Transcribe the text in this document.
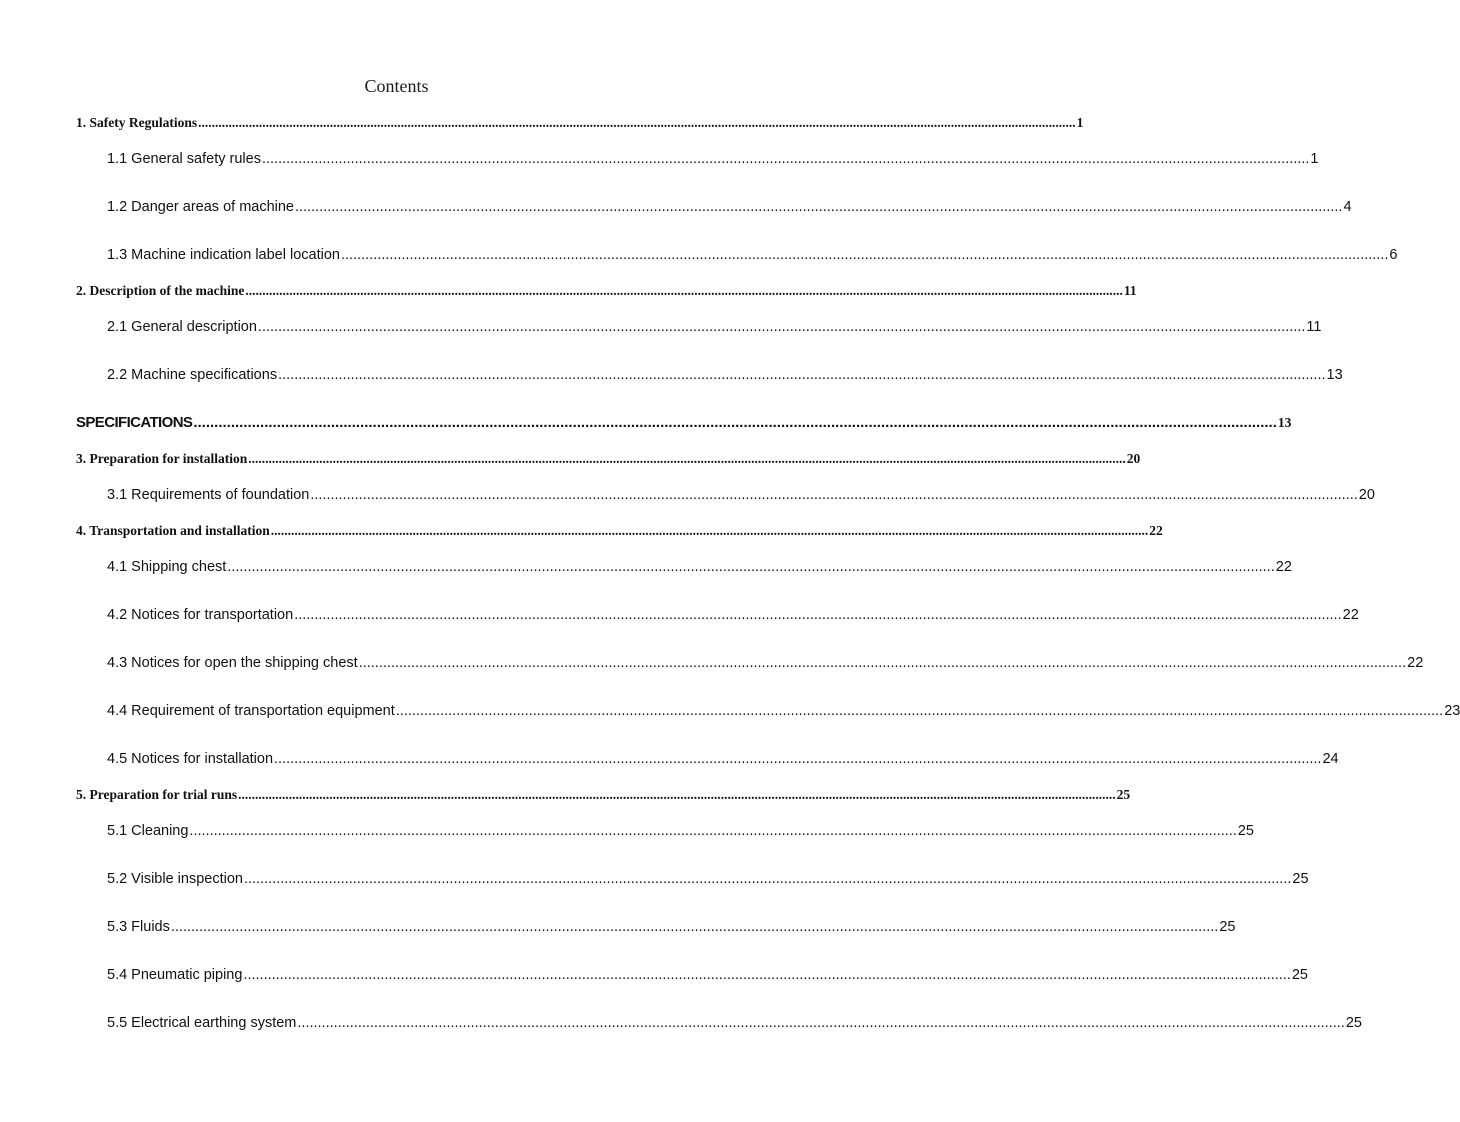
Contents
1. Safety Regulations .................................................................................................................................................................................................................................................................... 1
1.1 General safety rules .................................................................................................................................................................................................................................................................... 1
1.2 Danger areas of machine .................................................................................................................................................................................................................................................................... 4
1.3 Machine indication label location .................................................................................................................................................................................................................................................................... 6
2. Description of the machine .................................................................................................................................................................................................................................................................... 11
2.1 General description .................................................................................................................................................................................................................................................................... 11
2.2 Machine specifications .................................................................................................................................................................................................................................................................... 13
SPECIFICATIONS .................................................................................................................................................................................................................................................................... 13
3. Preparation for installation .................................................................................................................................................................................................................................................................... 20
3.1 Requirements of foundation .................................................................................................................................................................................................................................................................... 20
4. Transportation and installation .................................................................................................................................................................................................................................................................... 22
4.1 Shipping chest .................................................................................................................................................................................................................................................................... 22
4.2 Notices for transportation .................................................................................................................................................................................................................................................................... 22
4.3 Notices for open the shipping chest .................................................................................................................................................................................................................................................................... 22
4.4 Requirement of transportation equipment .................................................................................................................................................................................................................................................................... 23
4.5 Notices for installation .................................................................................................................................................................................................................................................................... 24
5. Preparation for trial runs .................................................................................................................................................................................................................................................................... 25
5.1 Cleaning .................................................................................................................................................................................................................................................................... 25
5.2 Visible inspection .................................................................................................................................................................................................................................................................... 25
5.3 Fluids .................................................................................................................................................................................................................................................................... 25
5.4 Pneumatic piping .................................................................................................................................................................................................................................................................... 25
5.5 Electrical earthing system .................................................................................................................................................................................................................................................................... 25
